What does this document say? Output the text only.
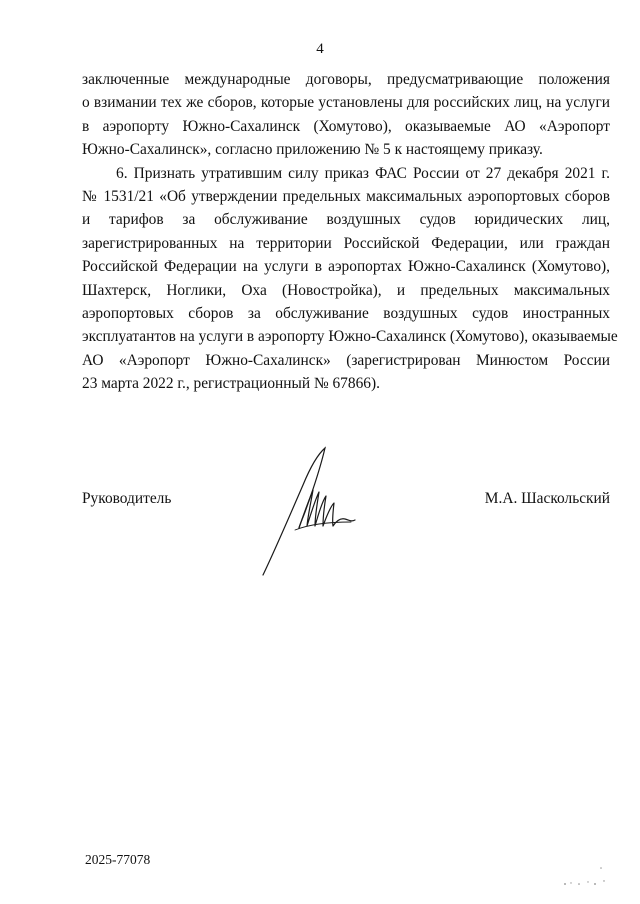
4
заключенные международные договоры, предусматривающие положения
о взимании тех же сборов, которые установлены для российских лиц, на услуги
в аэропорту Южно-Сахалинск (Хомутово), оказываемые АО «Аэропорт
Южно-Сахалинск», согласно приложению № 5 к настоящему приказу.
6. Признать утратившим силу приказ ФАС России от 27 декабря 2021 г.
№ 1531/21 «Об утверждении предельных максимальных аэропортовых сборов
и тарифов за обслуживание воздушных судов юридических лиц,
зарегистрированных на территории Российской Федерации, или граждан
Российской Федерации на услуги в аэропортах Южно-Сахалинск (Хомутово),
Шахтерск, Ноглики, Оха (Новостройка), и предельных максимальных
аэропортовых сборов за обслуживание воздушных судов иностранных
эксплуатантов на услуги в аэропорту Южно-Сахалинск (Хомутово), оказываемые
АО «Аэропорт Южно-Сахалинск» (зарегистрирован Минюстом России
23 марта 2022 г., регистрационный № 67866).
Руководитель	М.А. Шаскольский
2025-77078
